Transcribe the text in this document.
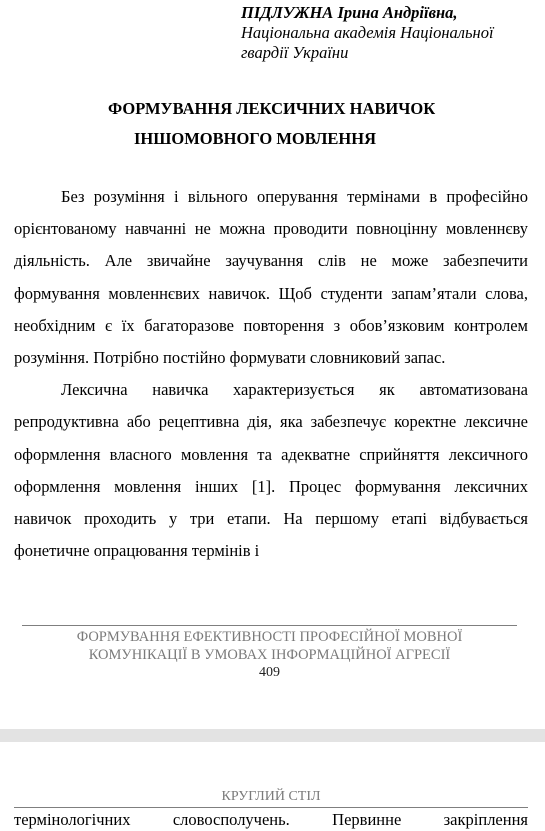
ПІДЛУЖНА Ірина Андріївна,
Національна академія Національної
гвардії України
ФОРМУВАННЯ ЛЕКСИЧНИХ НАВИЧОК
ІНШОМОВНОГО МОВЛЕННЯ

Без розуміння і вільного оперування термінами в професійно орієнтованому навчанні не можна проводити повноцінну мовленнєву діяльність. Але звичайне заучування слів не може забезпечити формування мовленнєвих навичок. Щоб студенти запам’ятали слова, необхідним є їх багаторазове повторення з обов’язковим контролем розуміння. Потрібно постійно формувати словниковий запас.

Лексична навичка характеризується як автоматизована репродуктивна або рецептивна дія, яка забезпечує коректне лексичне оформлення власного мовлення та адекватне сприйняття лексичного оформлення мовлення інших [1]. Процес формування лексичних навичок проходить у три етапи. На першому етапі відбувається фонетичне опрацювання термінів і

ФОРМУВАННЯ ЕФЕКТИВНОСТІ ПРОФЕСІЙНОЇ МОВНОЇ
КОМУНІКАЦІЇ В УМОВАХ ІНФОРМАЦІЙНОЇ АГРЕСІЇ
409
КРУГЛИЙ СТІЛ
термінологічних словосполучень. Первинне закріплення
